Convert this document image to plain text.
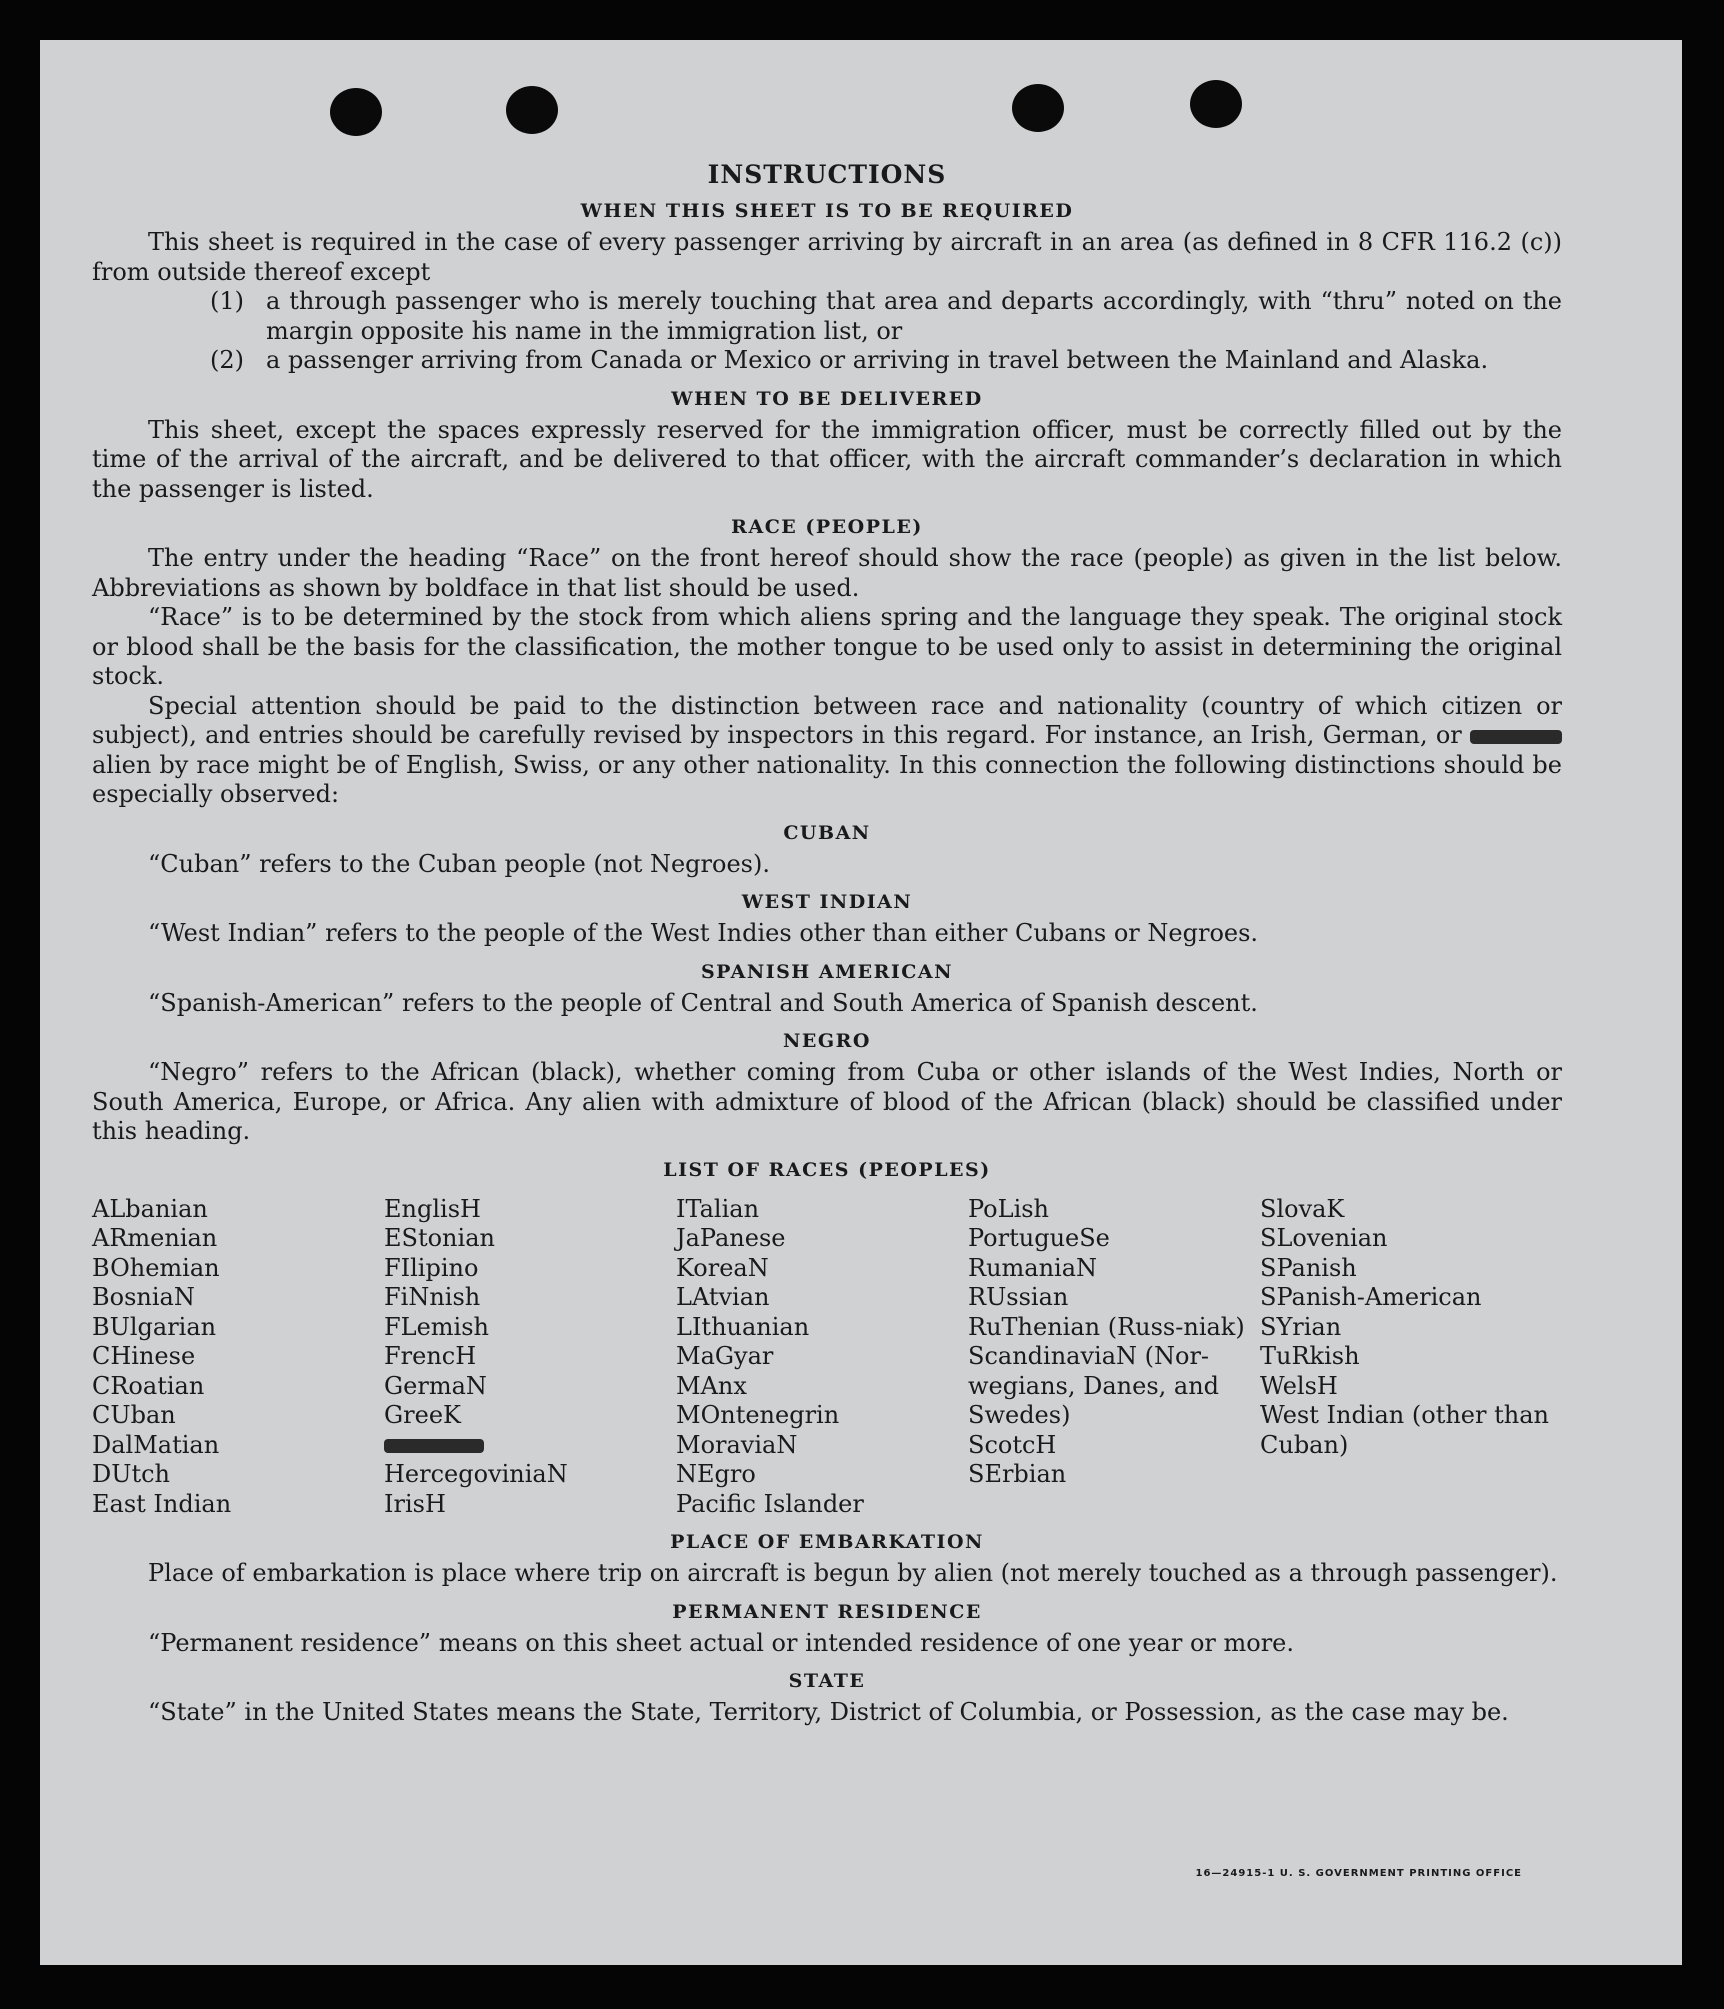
INSTRUCTIONS
WHEN THIS SHEET IS TO BE REQUIRED

This sheet is required in the case of every passenger arriving by aircraft in an area (as defined in 8 CFR 116.2 (c)) from outside thereof except

(1) a through passenger who is merely touching that area and departs accordingly, with “thru” noted on the margin opposite his name in the immigration list, or
(2) a passenger arriving from Canada or Mexico or arriving in travel between the Mainland and Alaska.
WHEN TO BE DELIVERED

This sheet, except the spaces expressly reserved for the immigration officer, must be correctly filled out by the time of the arrival of the aircraft, and be delivered to that officer, with the aircraft commander’s declaration in which the passenger is listed.

RACE (PEOPLE)

The entry under the heading “Race” on the front hereof should show the race (people) as given in the list below. Abbreviations as shown by boldface in that list should be used.

“Race” is to be determined by the stock from which aliens spring and the language they speak. The original stock or blood shall be the basis for the classification, the mother tongue to be used only to assist in determining the original stock.

Special attention should be paid to the distinction between race and nationality (country of which citizen or subject), and entries should be carefully revised by inspectors in this regard. For instance, an Irish, German, or  alien by race might be of English, Swiss, or any other nationality. In this connection the following distinctions should be especially observed:

CUBAN

“Cuban” refers to the Cuban people (not Negroes).

WEST INDIAN

“West Indian” refers to the people of the West Indies other than either Cubans or Negroes.

SPANISH AMERICAN

“Spanish-American” refers to the people of Central and South America of Spanish descent.

NEGRO

“Negro” refers to the African (black), whether coming from Cuba or other islands of the West Indies, North or South America, Europe, or Africa. Any alien with admixture of blood of the African (black) should be classified under this heading.

LIST OF RACES (PEOPLES)
ALbanian
ARmenian
BOhemian
BosniaN
BUlgarian
CHinese
CRoatian
CUban
DalMatian
DUtch
East Indian
EnglisH
EStonian
FIlipino
FiNnish
FLemish
FrencH
GermaN
GreeK
HercegoviniaN
IrisH
ITalian
JaPanese
KoreaN
LAtvian
LIthuanian
MaGyar
MAnx
MOntenegrin
MoraviaN
NEgro
Pacific Islander
PoLish
PortugueSe
RumaniaN
RUssian
RuThenian (Russ-niak)
ScandinaviaN (Nor-wegians, Danes, and Swedes)
ScotcH
SErbian
SlovaK
SLovenian
SPanish
SPanish-American
SYrian
TuRkish
WelsH
West Indian (other than Cuban)
PLACE OF EMBARKATION

Place of embarkation is place where trip on aircraft is begun by alien (not merely touched as a through passenger).

PERMANENT RESIDENCE

“Permanent residence” means on this sheet actual or intended residence of one year or more.

STATE

“State” in the United States means the State, Territory, District of Columbia, or Possession, as the case may be.

16—24915-1 U. S. GOVERNMENT PRINTING OFFICE
